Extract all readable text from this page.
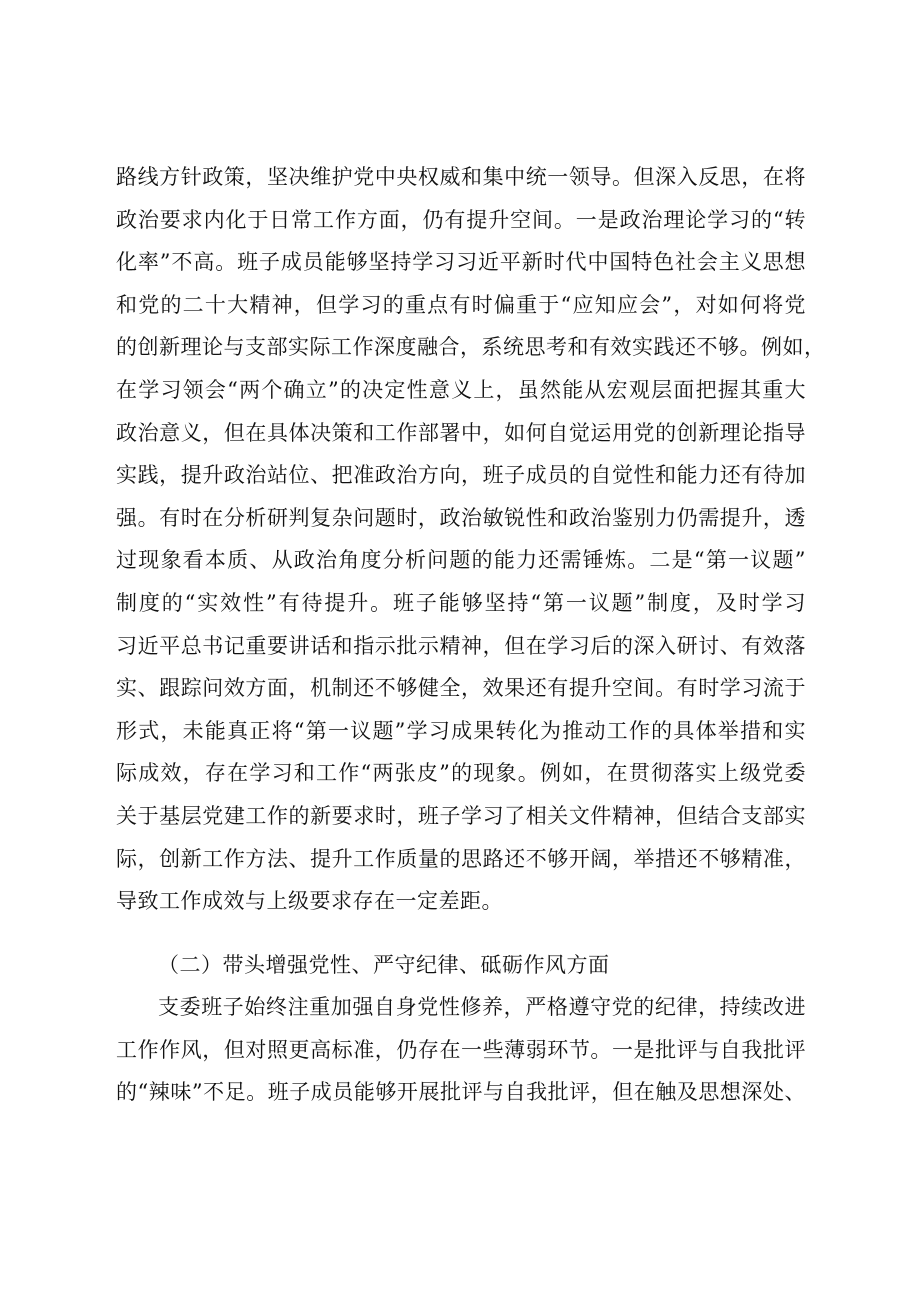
路线方针政策，坚决维护党中央权威和集中统一领导。但深入反思，在将
政治要求内化于日常工作方面，仍有提升空间。一是政治理论学习的“转
化率”不高。班子成员能够坚持学习习近平新时代中国特色社会主义思想
和党的二十大精神，但学习的重点有时偏重于“应知应会”，对如何将党
的创新理论与支部实际工作深度融合，系统思考和有效实践还不够。例如，
在学习领会“两个确立”的决定性意义上，虽然能从宏观层面把握其重大
政治意义，但在具体决策和工作部署中，如何自觉运用党的创新理论指导
实践，提升政治站位、把准政治方向，班子成员的自觉性和能力还有待加
强。有时在分析研判复杂问题时，政治敏锐性和政治鉴别力仍需提升，透
过现象看本质、从政治角度分析问题的能力还需锤炼。二是“第一议题”
制度的“实效性”有待提升。班子能够坚持“第一议题”制度，及时学习
习近平总书记重要讲话和指示批示精神，但在学习后的深入研讨、有效落
实、跟踪问效方面，机制还不够健全，效果还有提升空间。有时学习流于
形式，未能真正将“第一议题”学习成果转化为推动工作的具体举措和实
际成效，存在学习和工作“两张皮”的现象。例如，在贯彻落实上级党委
关于基层党建工作的新要求时，班子学习了相关文件精神，但结合支部实
际，创新工作方法、提升工作质量的思路还不够开阔，举措还不够精准，
导致工作成效与上级要求存在一定差距。
（二）带头增强党性、严守纪律、砥砺作风方面
支委班子始终注重加强自身党性修养，严格遵守党的纪律，持续改进
工作作风，但对照更高标准，仍存在一些薄弱环节。一是批评与自我批评
的“辣味”不足。班子成员能够开展批评与自我批评，但在触及思想深处、
